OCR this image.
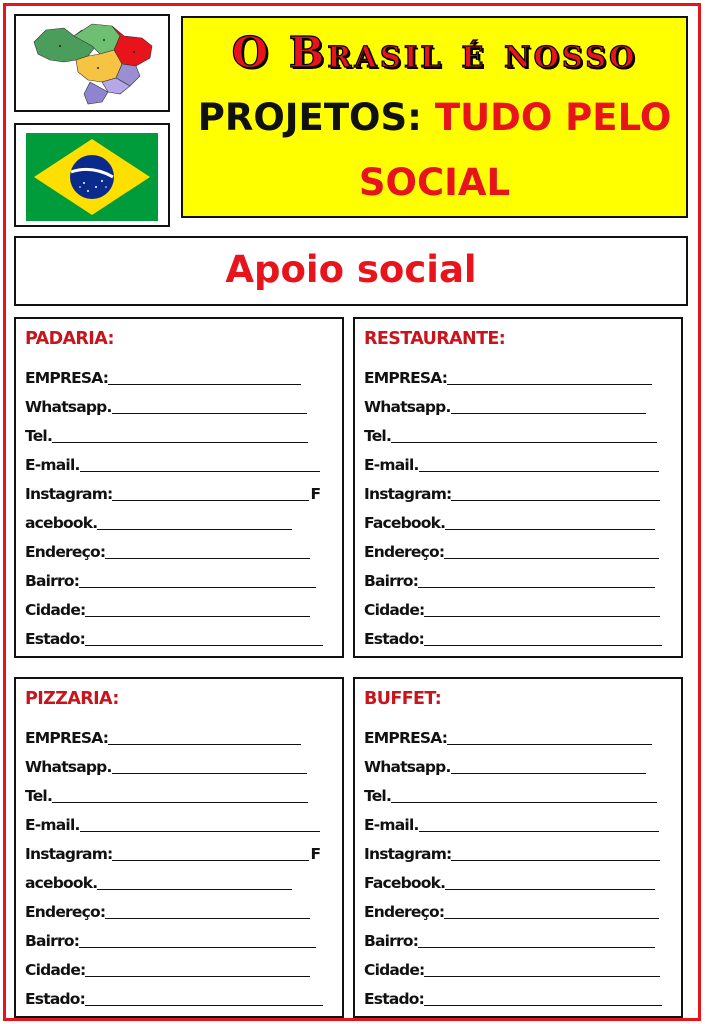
O Brasil é nosso
PROJETOS: TUDO PELO
SOCIAL
Apoio social
PADARIA:
EMPRESA:
Whatsapp.
Tel.
E-mail.
Instagram:	F
acebook.
Endereço:
Bairro:
Cidade:
Estado:
RESTAURANTE:
EMPRESA:
Whatsapp.
Tel.
E-mail.
Instagram:
Facebook.
Endereço:
Bairro:
Cidade:
Estado:
PIZZARIA:
EMPRESA:
Whatsapp.
Tel.
E-mail.
Instagram:	F
acebook.
Endereço:
Bairro:
Cidade:
Estado:
BUFFET:
EMPRESA:
Whatsapp.
Tel.
E-mail.
Instagram:
Facebook.
Endereço:
Bairro:
Cidade:
Estado:
